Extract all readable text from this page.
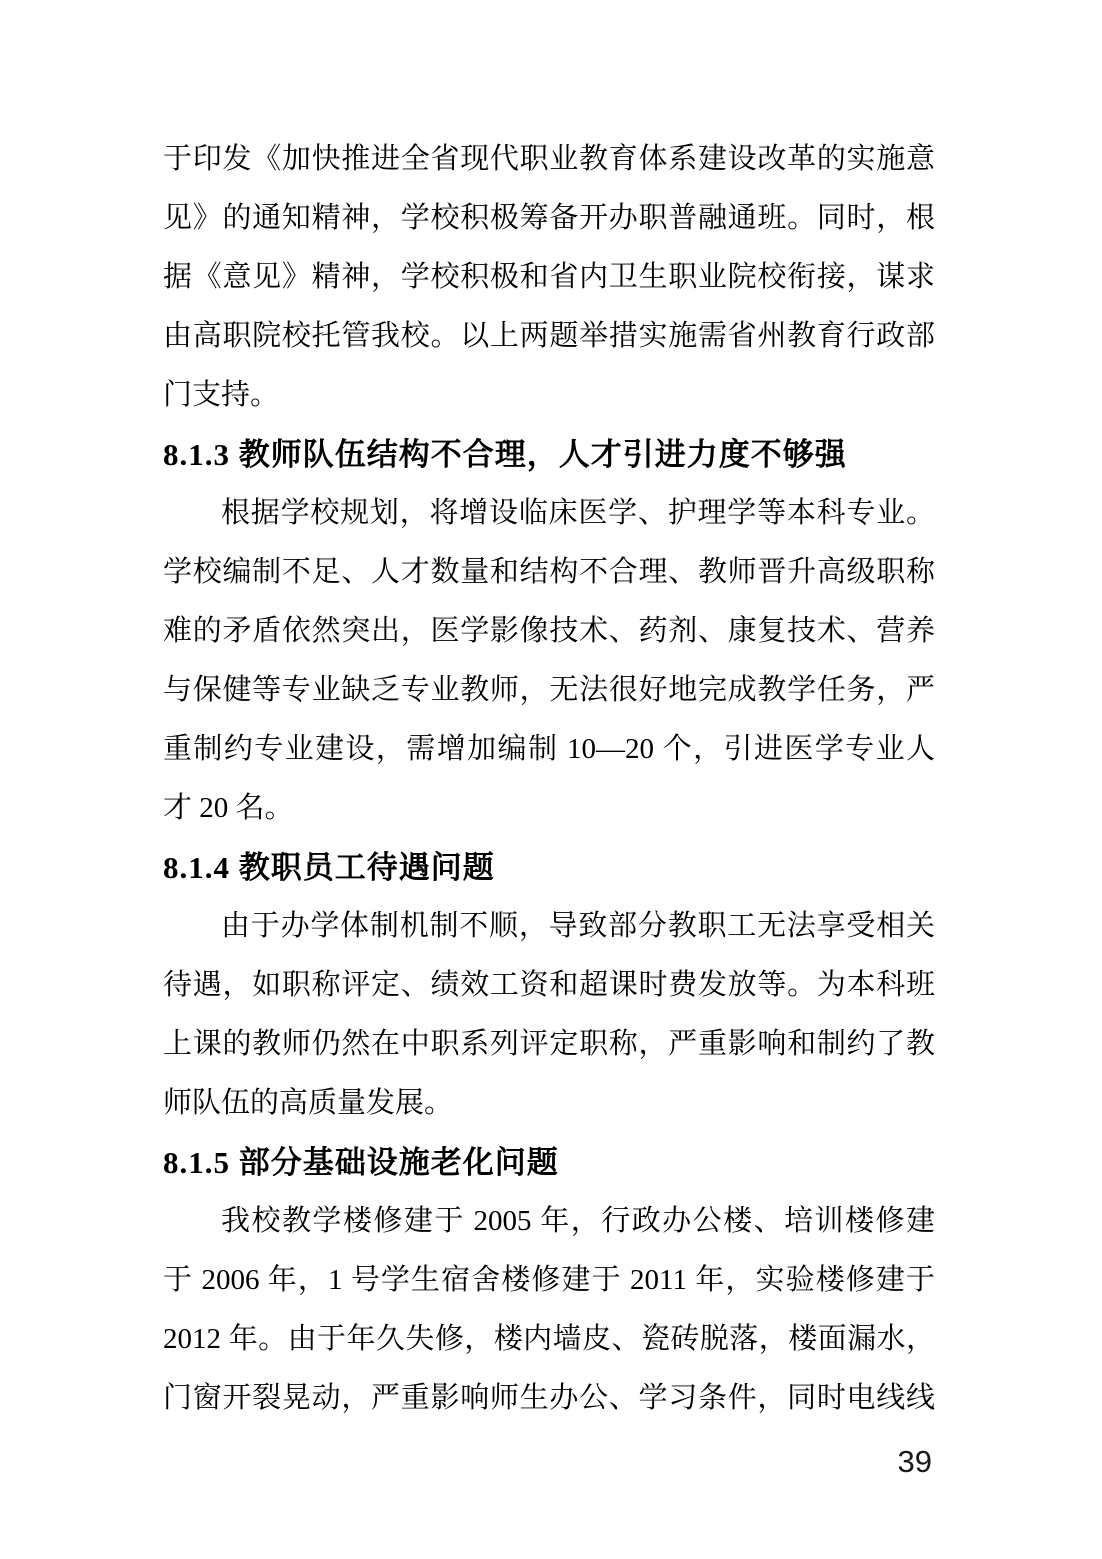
于印发《加快推进全省现代职业教育体系建设改革的实施意
见》的通知精神，学校积极筹备开办职普融通班。同时，根
据《意见》精神，学校积极和省内卫生职业院校衔接，谋求
由高职院校托管我校。以上两题举措实施需省州教育行政部
门支持。
8.1.3 教师队伍结构不合理，人才引进力度不够强
根据学校规划，将增设临床医学、护理学等本科专业。
学校编制不足、人才数量和结构不合理、教师晋升高级职称
难的矛盾依然突出，医学影像技术、药剂、康复技术、营养
与保健等专业缺乏专业教师，无法很好地完成教学任务，严
重制约专业建设，需增加编制 10—20 个，引进医学专业人
才 20 名。
8.1.4 教职员工待遇问题
由于办学体制机制不顺，导致部分教职工无法享受相关
待遇，如职称评定、绩效工资和超课时费发放等。为本科班
上课的教师仍然在中职系列评定职称，严重影响和制约了教
师队伍的高质量发展。
8.1.5 部分基础设施老化问题
我校教学楼修建于 2005 年，行政办公楼、培训楼修建
于 2006 年，1 号学生宿舍楼修建于 2011 年，实验楼修建于
2012 年。由于年久失修，楼内墙皮、瓷砖脱落，楼面漏水，
门窗开裂晃动，严重影响师生办公、学习条件，同时电线线
39
